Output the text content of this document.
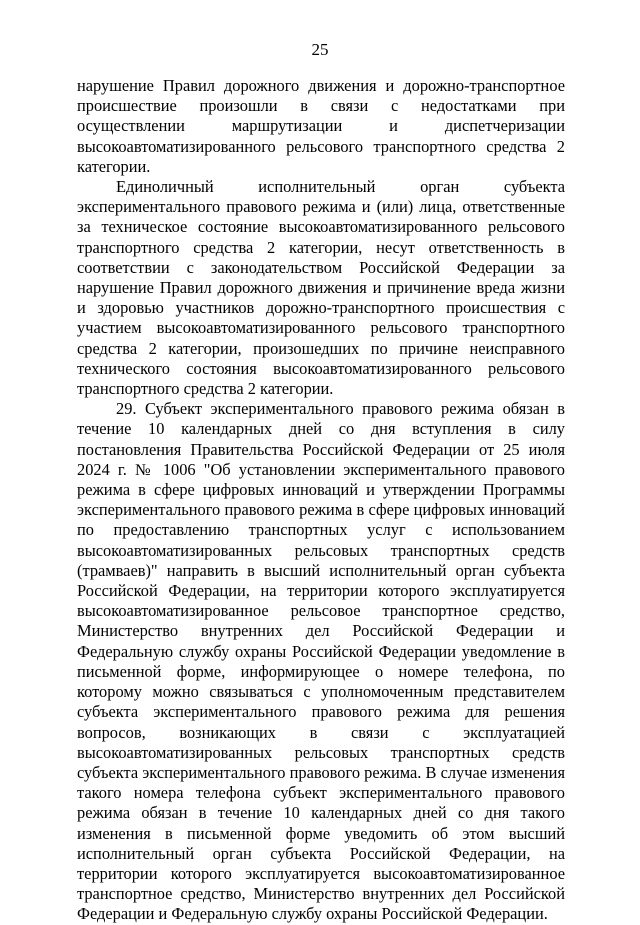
25

нарушение Правил дорожного движения и дорожно-транспортное происшествие произошли в связи с недостатками при осуществлении маршрутизации и диспетчеризации высокоавтоматизированного рельсового транспортного средства 2 категории.

Единоличный исполнительный орган субъекта экспериментального правового режима и (или) лица, ответственные за техническое состояние высокоавтоматизированного рельсового транспортного средства 2 категории, несут ответственность в соответствии с законодательством Российской Федерации за нарушение Правил дорожного движения и причинение вреда жизни и здоровью участников дорожно-транспортного происшествия с участием высокоавтоматизированного рельсового транспортного средства 2 категории, произошедших по причине неисправного технического состояния высокоавтоматизированного рельсового транспортного средства 2 категории.

29. Субъект экспериментального правового режима обязан в течение 10 календарных дней со дня вступления в силу постановления Правительства Российской Федерации от 25 июля 2024 г. № 1006 "Об установлении экспериментального правового режима в сфере цифровых инноваций и утверждении Программы экспериментального правового режима в сфере цифровых инноваций по предоставлению транспортных услуг с использованием высокоавтоматизированных рельсовых транспортных средств (трамваев)" направить в высший исполнительный орган субъекта Российской Федерации, на территории которого эксплуатируется высокоавтоматизированное рельсовое транспортное средство, Министерство внутренних дел Российской Федерации и Федеральную службу охраны Российской Федерации уведомление в письменной форме, информирующее о номере телефона, по которому можно связываться с уполномоченным представителем субъекта экспериментального правового режима для решения вопросов, возникающих в связи с эксплуатацией высокоавтоматизированных рельсовых транспортных средств субъекта экспериментального правового режима. В случае изменения такого номера телефона субъект экспериментального правового режима обязан в течение 10 календарных дней со дня такого изменения в письменной форме уведомить об этом высший исполнительный орган субъекта Российской Федерации, на территории которого эксплуатируется высокоавтоматизированное транспортное средство, Министерство внутренних дел Российской Федерации и Федеральную службу охраны Российской Федерации.
